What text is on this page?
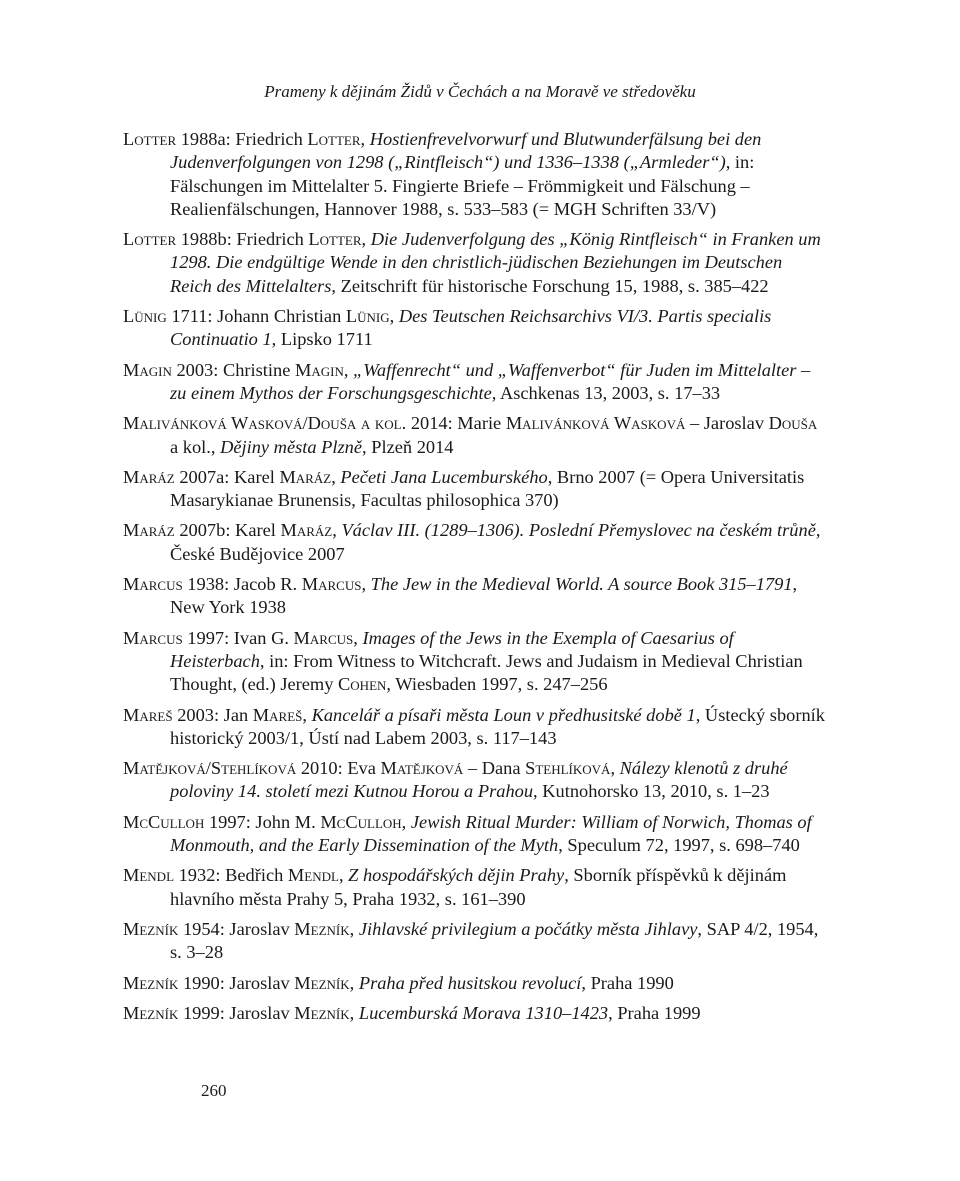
Prameny k dějinám Židů v Čechách a na Moravě ve středověku

Lotter 1988a: Friedrich Lotter, Hostienfrevelvorwurf und Blutwunderfälsung bei den Judenverfolgungen von 1298 („Rintfleisch“) und 1336–1338 („Armleder“), in: Fälschungen im Mittelalter 5. Fingierte Briefe – Frömmigkeit und Fälschung – Realienfälschungen, Hannover 1988, s. 533–583 (= MGH Schriften 33/V)

Lotter 1988b: Friedrich Lotter, Die Judenverfolgung des „König Rintfleisch“ in Franken um 1298. Die endgültige Wende in den christlich-jüdischen Beziehungen im Deutschen Reich des Mittelalters, Zeitschrift für historische Forschung 15, 1988, s. 385–422

Lünig 1711: Johann Christian Lünig, Des Teutschen Reichsarchivs VI/3. Partis specialis Continuatio 1, Lipsko 1711

Magin 2003: Christine Magin, „Waffenrecht“ und „Waffenverbot“ für Juden im Mittelalter – zu einem Mythos der Forschungsgeschichte, Aschkenas 13, 2003, s. 17–33

Malivánková Wasková/Douša a kol. 2014: Marie Malivánková Wasková – Jaroslav Douša a kol., Dějiny města Plzně, Plzeň 2014

Maráz 2007a: Karel Maráz, Pečeti Jana Lucemburského, Brno 2007 (= Opera Universitatis Masarykianae Brunensis, Facultas philosophica 370)

Maráz 2007b: Karel Maráz, Václav III. (1289–1306). Poslední Přemyslovec na českém trůně, České Budějovice 2007

Marcus 1938: Jacob R. Marcus, The Jew in the Medieval World. A source Book 315–1791, New York 1938

Marcus 1997: Ivan G. Marcus, Images of the Jews in the Exempla of Caesarius of Heisterbach, in: From Witness to Witchcraft. Jews and Judaism in Medieval Christian Thought, (ed.) Jeremy Cohen, Wiesbaden 1997, s. 247–256

Mareš 2003: Jan Mareš, Kancelář a písaři města Loun v předhusitské době 1, Ústecký sborník historický 2003/1, Ústí nad Labem 2003, s. 117–143

Matějková/Stehlíková 2010: Eva Matějková – Dana Stehlíková, Nálezy klenotů z druhé poloviny 14. století mezi Kutnou Horou a Prahou, Kutnohorsko 13, 2010, s. 1–23

McCulloh 1997: John M. McCulloh, Jewish Ritual Murder: William of Norwich, Thomas of Monmouth, and the Early Dissemination of the Myth, Speculum 72, 1997, s. 698–740

Mendl 1932: Bedřich Mendl, Z hospodářských dějin Prahy, Sborník příspěvků k dějinám hlavního města Prahy 5, Praha 1932, s. 161–390

Mezník 1954: Jaroslav Mezník, Jihlavské privilegium a počátky města Jihlavy, SAP 4/2, 1954, s. 3–28

Mezník 1990: Jaroslav Mezník, Praha před husitskou revolucí, Praha 1990

Mezník 1999: Jaroslav Mezník, Lucemburská Morava 1310–1423, Praha 1999

260
